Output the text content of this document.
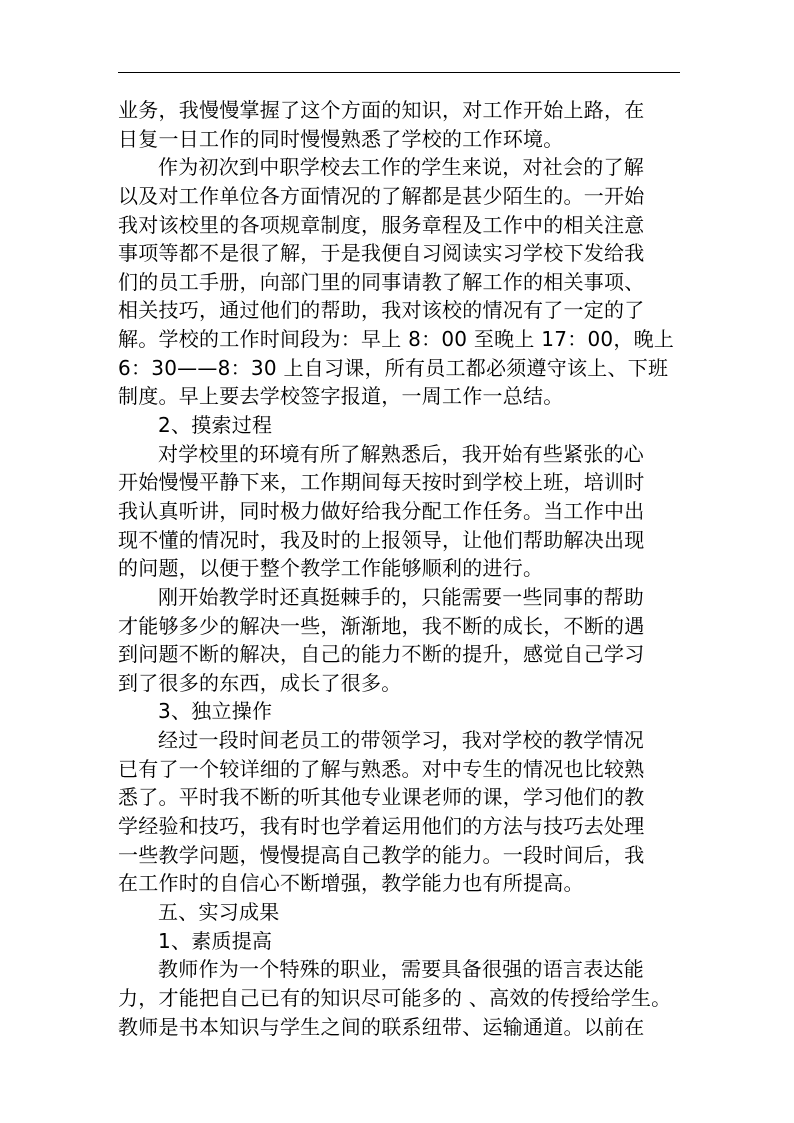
业务，我慢慢掌握了这个方面的知识，对工作开始上路，在
日复一日工作的同时慢慢熟悉了学校的工作环境。
作为初次到中职学校去工作的学生来说，对社会的了解
以及对工作单位各方面情况的了解都是甚少陌生的。一开始
我对该校里的各项规章制度，服务章程及工作中的相关注意
事项等都不是很了解，于是我便自习阅读实习学校下发给我
们的员工手册，向部门里的同事请教了解工作的相关事项、
相关技巧，通过他们的帮助，我对该校的情况有了一定的了
解。学校的工作时间段为：早上 8：00 至晚上 17：00，晚上
6：30——8：30 上自习课，所有员工都必须遵守该上、下班
制度。早上要去学校签字报道，一周工作一总结。
2、摸索过程
对学校里的环境有所了解熟悉后，我开始有些紧张的心
开始慢慢平静下来，工作期间每天按时到学校上班，培训时
我认真听讲，同时极力做好给我分配工作任务。当工作中出
现不懂的情况时，我及时的上报领导，让他们帮助解决出现
的问题，以便于整个教学工作能够顺利的进行。
刚开始教学时还真挺棘手的，只能需要一些同事的帮助
才能够多少的解决一些，渐渐地，我不断的成长，不断的遇
到问题不断的解决，自己的能力不断的提升，感觉自己学习
到了很多的东西，成长了很多。
3、独立操作
经过一段时间老员工的带领学习，我对学校的教学情况
已有了一个较详细的了解与熟悉。对中专生的情况也比较熟
悉了。平时我不断的听其他专业课老师的课，学习他们的教
学经验和技巧，我有时也学着运用他们的方法与技巧去处理
一些教学问题，慢慢提高自己教学的能力。一段时间后，我
在工作时的自信心不断增强，教学能力也有所提高。
五、实习成果
1、素质提高
教师作为一个特殊的职业，需要具备很强的语言表达能
力，才能把自己已有的知识尽可能多的 、高效的传授给学生。
教师是书本知识与学生之间的联系纽带、运输通道。以前在
